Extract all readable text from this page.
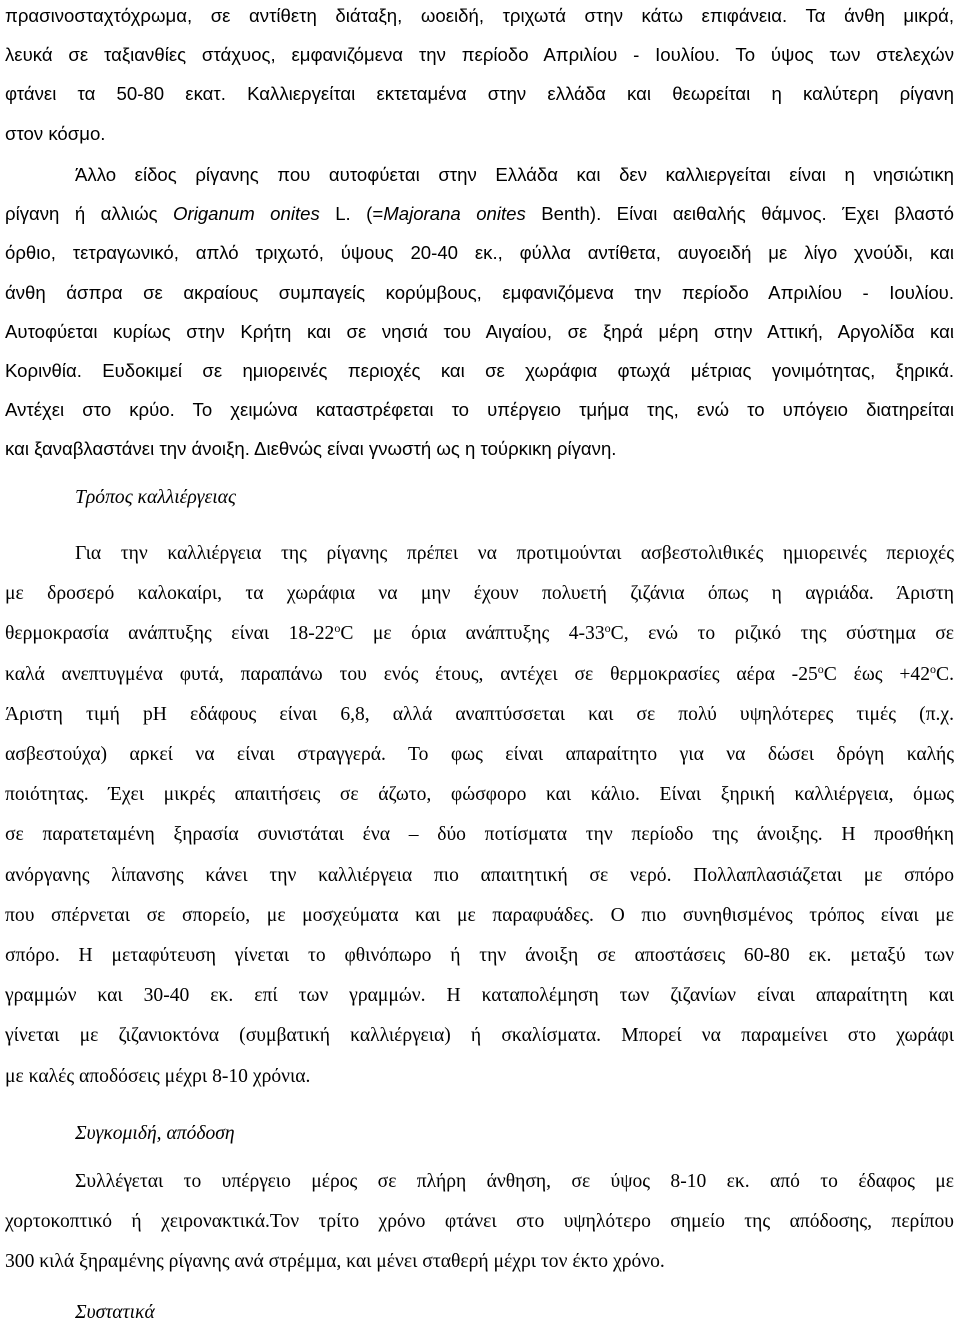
πρασινοσταχτόχρωμα, σε αντίθετη διάταξη, ωοειδή, τριχωτά στην κάτω επιφάνεια. Τα άνθη μικρά,
λευκά σε ταξιανθίες στάχυος, εμφανιζόμενα την περίοδο Απριλίου - Ιουλίου. Το ύψος των στελεχών
φτάνει τα 50-80 εκατ. Καλλιεργείται εκτεταμένα στην ελλάδα και θεωρείται η καλύτερη ρίγανη
στον κόσμο.
Άλλο είδος ρίγανης που αυτοφύεται στην Ελλάδα και δεν καλλιεργείται είναι η νησιώτικη
ρίγανη ή αλλιώς Origanum onites L. (=Majorana onites Benth). Είναι αειθαλής θάμνος. Έχει βλαστό
όρθιο, τετραγωνικό, απλό τριχωτό, ύψους 20-40 εκ., φύλλα αντίθετα, αυγοειδή με λίγο χνούδι, και
άνθη άσπρα σε ακραίους συμπαγείς κορύμβους, εμφανιζόμενα την περίοδο Απριλίου - Ιουλίου.
Αυτοφύεται κυρίως στην Κρήτη και σε νησιά του Αιγαίου, σε ξηρά μέρη στην Αττική, Αργολίδα και
Κορινθία. Ευδοκιμεί σε ημιορεινές περιοχές και σε χωράφια φτωχά μέτριας γονιμότητας, ξηρικά.
Αντέχει στο κρύο. Το χειμώνα καταστρέφεται το υπέργειο τμήμα της, ενώ το υπόγειο διατηρείται
και ξαναβλαστάνει την άνοιξη. Διεθνώς είναι γνωστή ως η τούρκικη ρίγανη.
Τρόπος καλλιέργειας
Για την καλλιέργεια της ρίγανης πρέπει να προτιμούνται ασβεστολιθικές ημιορεινές περιοχές
με δροσερό καλοκαίρι, τα χωράφια να μην έχουν πολυετή ζιζάνια όπως η αγριάδα. Άριστη
θερμοκρασία ανάπτυξης είναι $18-22^oC$ με όρια ανάπτυξης $4-33^oC$, ενώ το ριζικό της σύστημα σε
καλά ανεπτυγμένα φυτά, παραπάνω του ενός έτους, αντέχει σε θερμοκρασίες αέρα $-25^oC$ $έ\omega\varsigma +42^oC$.
Άριστη τιμή pH εδάφους είναι 6,8, αλλά αναπτύσσεται και σε πολύ υψηλότερες τιμές (π.χ.
ασβεστούχα) αρκεί να είναι στραγγερά. Το φως είναι απαραίτητο για να δώσει δρόγη καλής
ποιότητας. Έχει μικρές απαιτήσεις σε άζωτο, φώσφορο και κάλιο. Είναι ξηρική καλλιέργεια, όμως
σε παρατεταμένη ξηρασία συνιστάται ένα – δύο ποτίσματα την περίοδο της άνοιξης. Η προσθήκη
ανόργανης λίπανσης κάνει την καλλιέργεια πιο απαιτητική σε νερό. Πολλαπλασιάζεται με σπόρο
που σπέρνεται σε σπορείο, με μοσχεύματα και με παραφυάδες. Ο πιο συνηθισμένος τρόπος είναι με
σπόρο. Η μεταφύτευση γίνεται το φθινόπωρο ή την άνοιξη σε αποστάσεις 60-80 εκ. μεταξύ των
γραμμών και 30-40 εκ. επί των γραμμών. Η καταπολέμηση των ζιζανίων είναι απαραίτητη και
γίνεται με ζιζανιοκτόνα (συμβατική καλλιέργεια) ή σκαλίσματα. Μπορεί να παραμείνει στο χωράφι
με καλές αποδόσεις μέχρι 8-10 χρόνια.
Συγκομιδή, απόδοση
Συλλέγεται το υπέργειο μέρος σε πλήρη άνθηση, σε ύψος 8-10 εκ. από το έδαφος με
χορτοκοπτικό ή χειρονακτικά.Τον τρίτο χρόνο φτάνει στο υψηλότερο σημείο της απόδοσης, περίπου
300 κιλά ξηραμένης ρίγανης ανά στρέμμα, και μένει σταθερή μέχρι τον έκτο χρόνο.
Συστατικά
